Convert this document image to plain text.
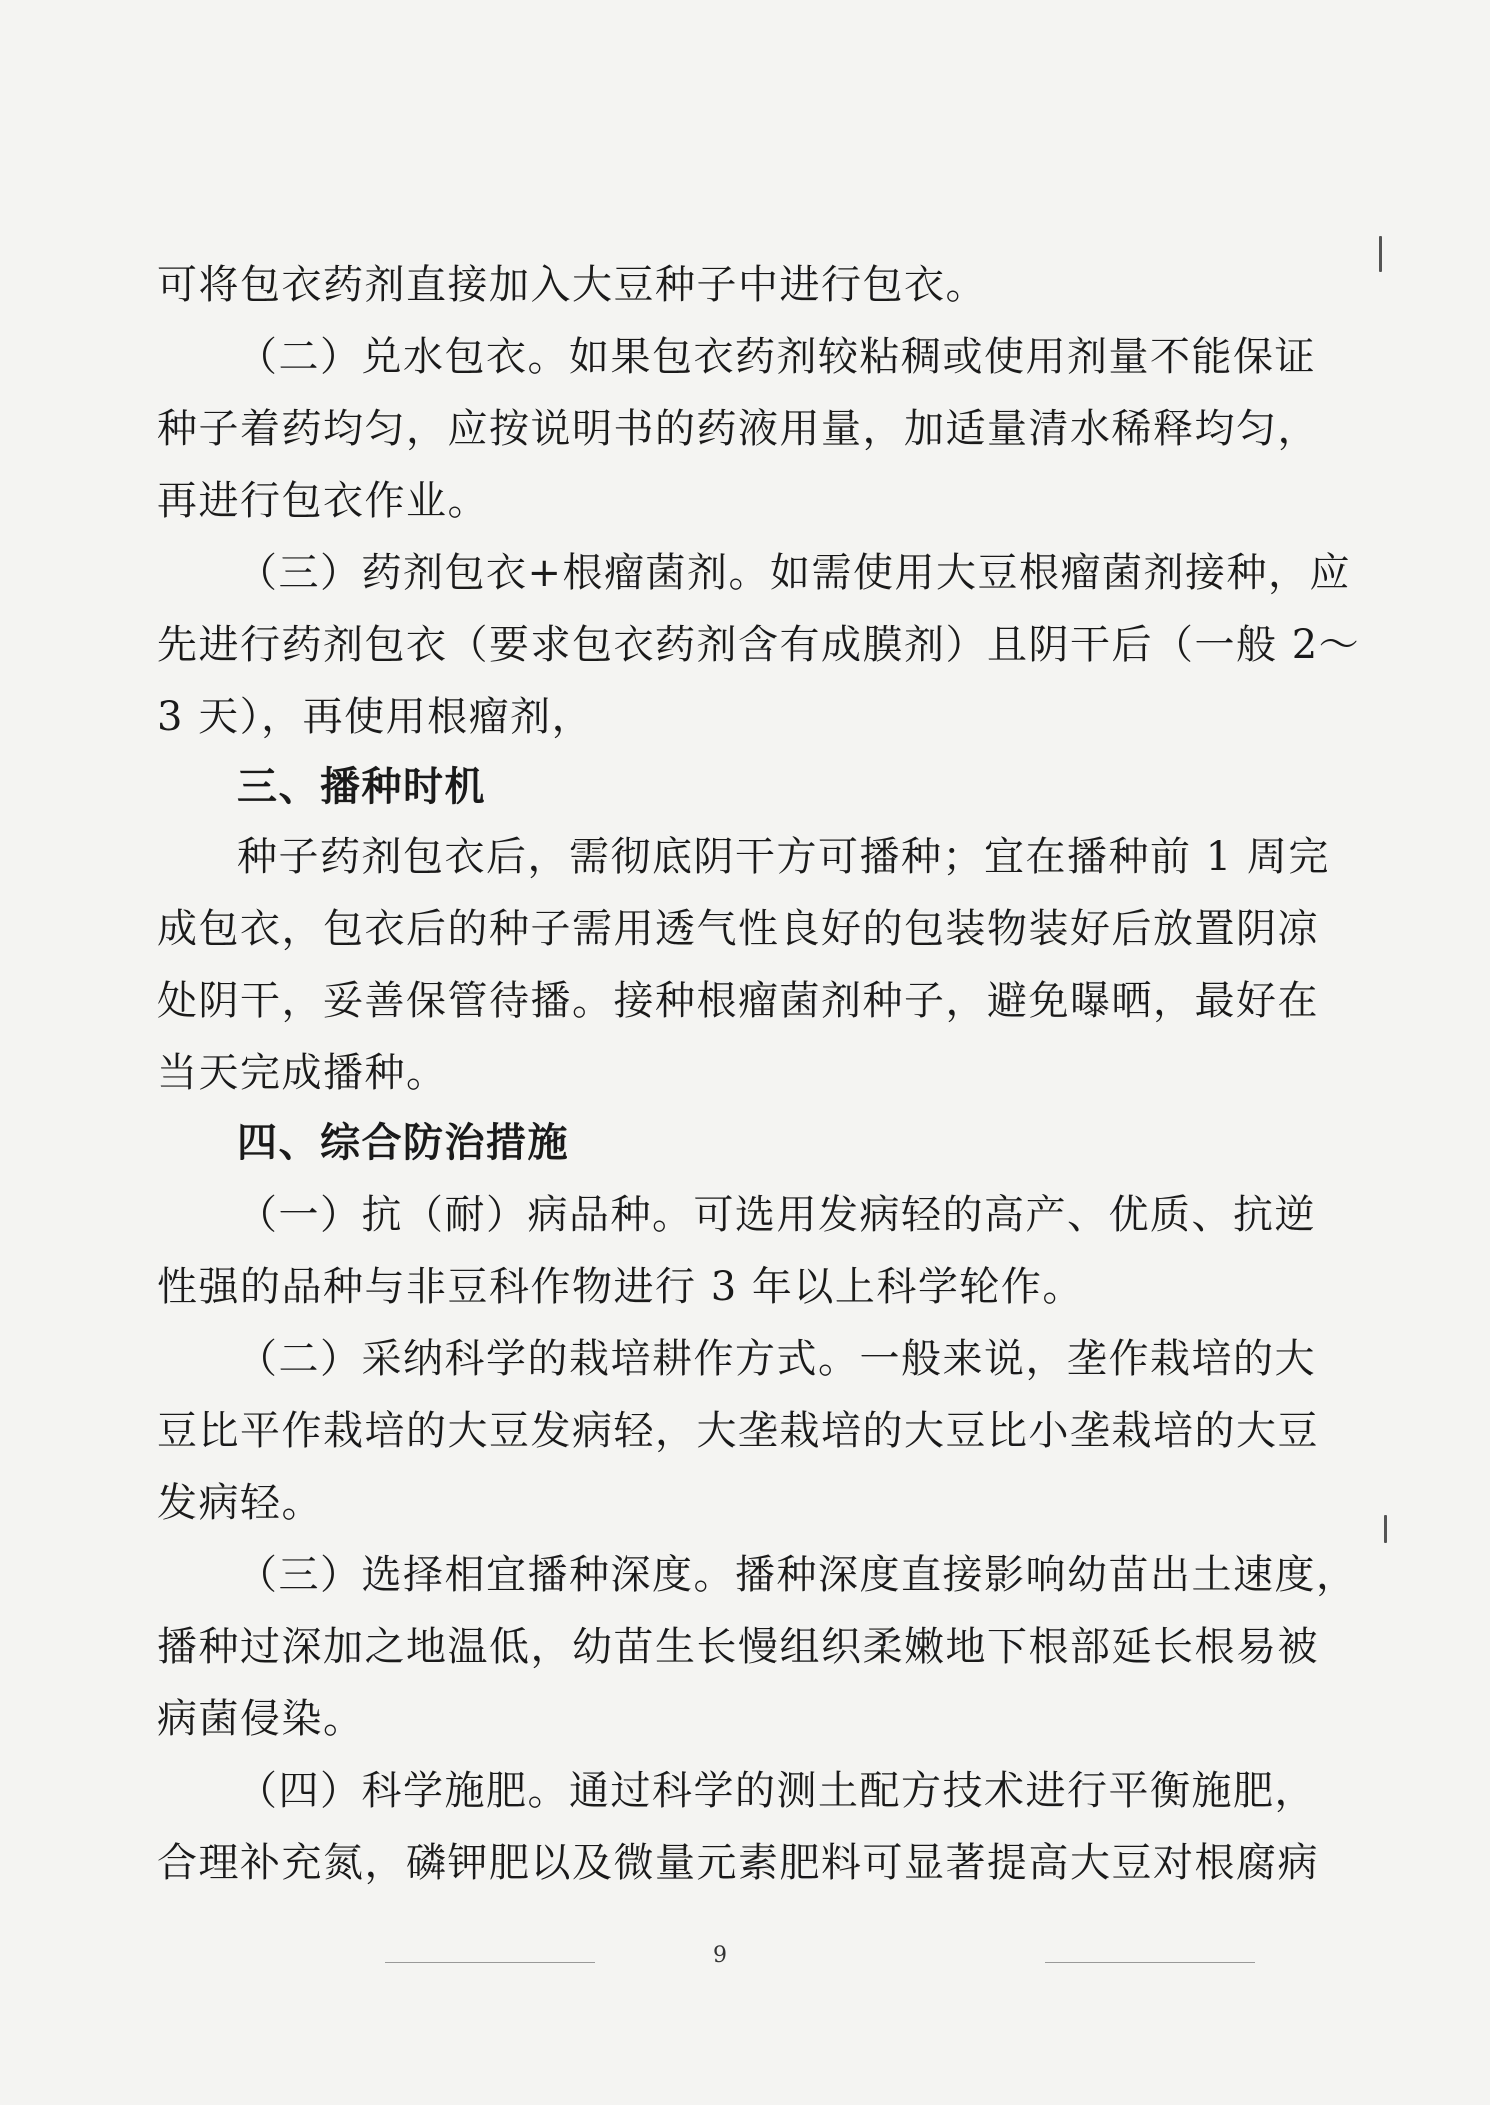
可将包衣药剂直接加入大豆种子中进行包衣。
（二）兑水包衣。如果包衣药剂较粘稠或使用剂量不能保证
种子着药均匀，应按说明书的药液用量，加适量清水稀释均匀，
再进行包衣作业。
（三）药剂包衣+根瘤菌剂。如需使用大豆根瘤菌剂接种，应
先进行药剂包衣（要求包衣药剂含有成膜剂）且阴干后（一般 2～
3 天），再使用根瘤剂，
三、播种时机
种子药剂包衣后，需彻底阴干方可播种；宜在播种前 1 周完
成包衣，包衣后的种子需用透气性良好的包装物装好后放置阴凉
处阴干，妥善保管待播。接种根瘤菌剂种子，避免曝晒，最好在
当天完成播种。
四、综合防治措施
（一）抗（耐）病品种。可选用发病轻的高产、优质、抗逆
性强的品种与非豆科作物进行 3 年以上科学轮作。
（二）采纳科学的栽培耕作方式。一般来说，垄作栽培的大
豆比平作栽培的大豆发病轻，大垄栽培的大豆比小垄栽培的大豆
发病轻。
（三）选择相宜播种深度。播种深度直接影响幼苗出土速度，
播种过深加之地温低，幼苗生长慢组织柔嫩地下根部延长根易被
病菌侵染。
（四）科学施肥。通过科学的测土配方技术进行平衡施肥，
合理补充氮，磷钾肥以及微量元素肥料可显著提高大豆对根腐病
9
